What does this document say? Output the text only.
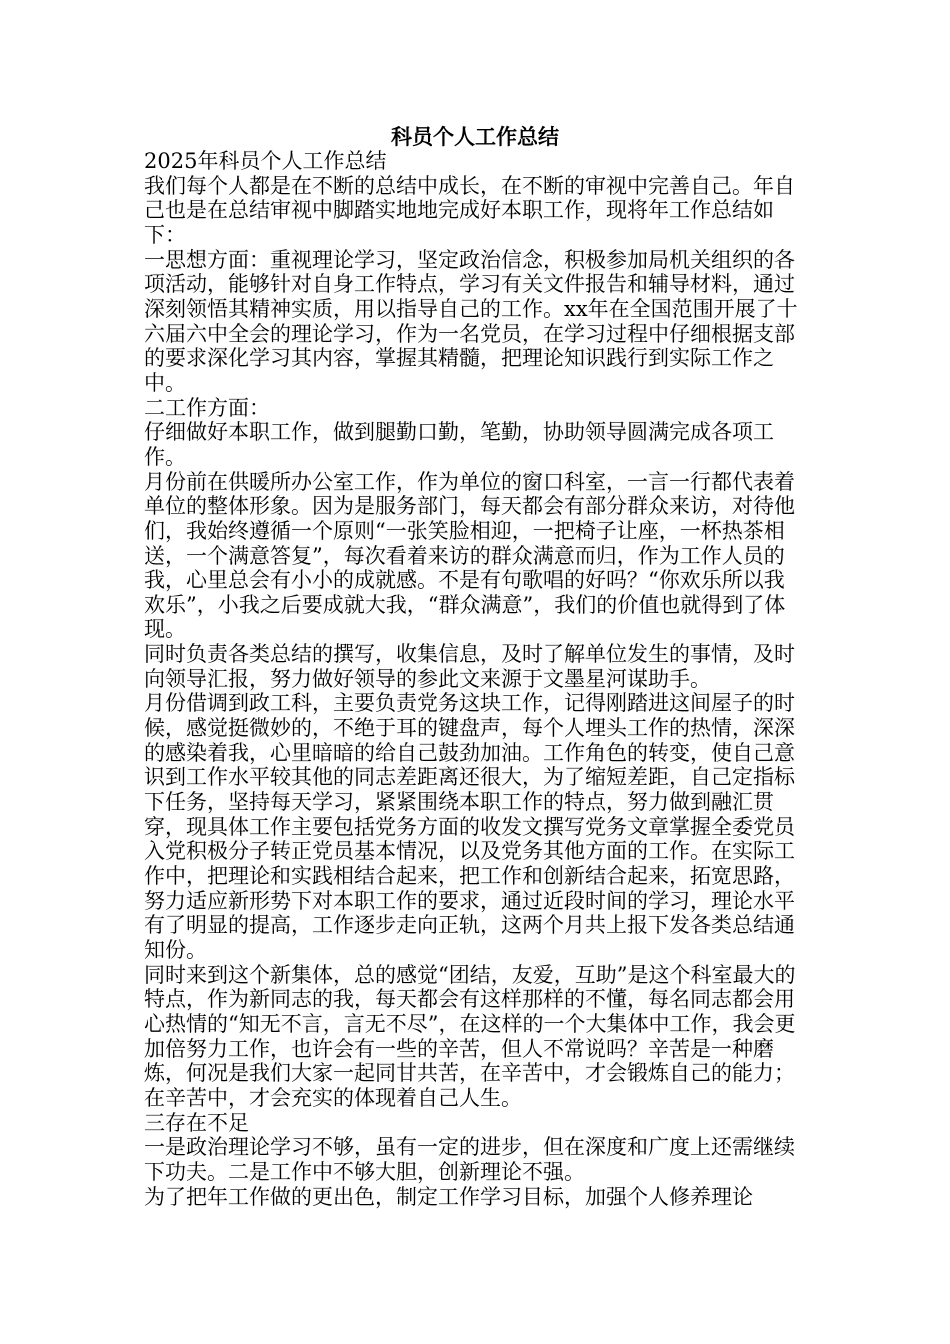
科员个人工作总结

2025年科员个人工作总结

我们每个人都是在不断的总结中成长，在不断的审视中完善自己。年自己也是在总结审视中脚踏实地地完成好本职工作，现将年工作总结如下：

一思想方面：重视理论学习，坚定政治信念，积极参加局机关组织的各项活动，能够针对自身工作特点，学习有关文件报告和辅导材料，通过深刻领悟其精神实质，用以指导自己的工作。xx年在全国范围开展了十六届六中全会的理论学习，作为一名党员，在学习过程中仔细根据支部的要求深化学习其内容，掌握其精髓，把理论知识践行到实际工作之中。

二工作方面：

仔细做好本职工作，做到腿勤口勤，笔勤，协助领导圆满完成各项工作。

月份前在供暖所办公室工作，作为单位的窗口科室，一言一行都代表着单位的整体形象。因为是服务部门，每天都会有部分群众来访，对待他们，我始终遵循一个原则“一张笑脸相迎，一把椅子让座，一杯热茶相送，一个满意答复”，每次看着来访的群众满意而归，作为工作人员的我，心里总会有小小的成就感。不是有句歌唱的好吗？“你欢乐所以我欢乐”，小我之后要成就大我，“群众满意”，我们的价值也就得到了体现。

同时负责各类总结的撰写，收集信息，及时了解单位发生的事情，及时向领导汇报，努力做好领导的参此文来源于文墨星河谋助手。

月份借调到政工科，主要负责党务这块工作，记得刚踏进这间屋子的时候，感觉挺微妙的，不绝于耳的键盘声，每个人埋头工作的热情，深深的感染着我，心里暗暗的给自己鼓劲加油。工作角色的转变，使自己意识到工作水平较其他的同志差距离还很大，为了缩短差距，自己定指标下任务，坚持每天学习，紧紧围绕本职工作的特点，努力做到融汇贯穿，现具体工作主要包括党务方面的收发文撰写党务文章掌握全委党员入党积极分子转正党员基本情况，以及党务其他方面的工作。在实际工作中，把理论和实践相结合起来，把工作和创新结合起来，拓宽思路，努力适应新形势下对本职工作的要求，通过近段时间的学习，理论水平有了明显的提高，工作逐步走向正轨，这两个月共上报下发各类总结通知份。

同时来到这个新集体，总的感觉“团结，友爱，互助”是这个科室最大的特点，作为新同志的我，每天都会有这样那样的不懂，每名同志都会用心热情的“知无不言，言无不尽”，在这样的一个大集体中工作，我会更加倍努力工作，也许会有一些的辛苦，但人不常说吗？辛苦是一种磨炼，何况是我们大家一起同甘共苦，在辛苦中，才会锻炼自己的能力；在辛苦中，才会充实的体现着自己人生。

三存在不足

一是政治理论学习不够，虽有一定的进步，但在深度和广度上还需继续下功夫。二是工作中不够大胆，创新理论不强。

为了把年工作做的更出色，制定工作学习目标，加强个人修养理论
